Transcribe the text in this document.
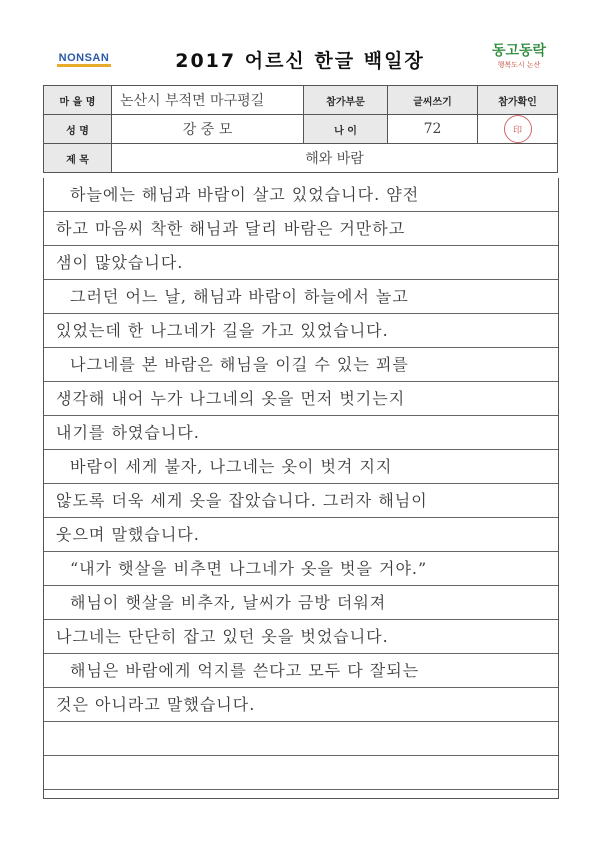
NONSAN	2017 어르신 한글 백일장	동고동락
행복도시 논산
마 을 명	논산시 부적면 마구평길	참가부문	글씨쓰기	참가확인
성 명	강 중 모	나 이	72	印

제 목	해와 바람			
하늘에는 해님과 바람이 살고 있었습니다. 얌전
하고 마음씨 착한 해님과 달리 바람은 거만하고
샘이 많았습니다.
그러던 어느 날, 해님과 바람이 하늘에서 놀고
있었는데 한 나그네가 길을 가고 있었습니다.
나그네를 본 바람은 해님을 이길 수 있는 꾀를
생각해 내어 누가 나그네의 옷을 먼저 벗기는지
내기를 하였습니다.
바람이 세게 불자, 나그네는 옷이 벗겨 지지
않도록 더욱 세게 옷을 잡았습니다. 그러자 해님이
웃으며 말했습니다.
“내가 햇살을 비추면 나그네가 옷을 벗을 거야.”
해님이 햇살을 비추자, 날씨가 금방 더워져
나그네는 단단히 잡고 있던 옷을 벗었습니다.
해님은 바람에게 억지를 쓴다고 모두 다 잘되는
것은 아니라고 말했습니다.
